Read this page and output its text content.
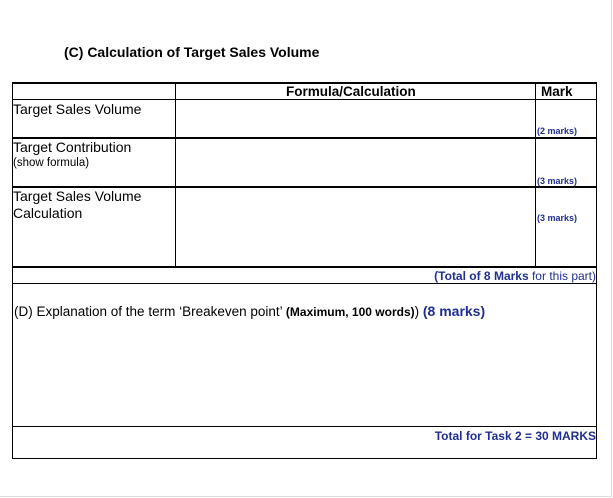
(C) Calculation of Target Sales Volume
Formula/Calculation	Mark
Target Sales Volume
(2 marks)
Target Contribution
(show formula)
(3 marks)
Target Sales Volume
Calculation	(3 marks)
(Total of 8 Marks for this part)
(D) Explanation of the term ‘Breakeven point’ (Maximum, 100 words)) (8 marks)
Total for Task 2 = 30 MARKS
